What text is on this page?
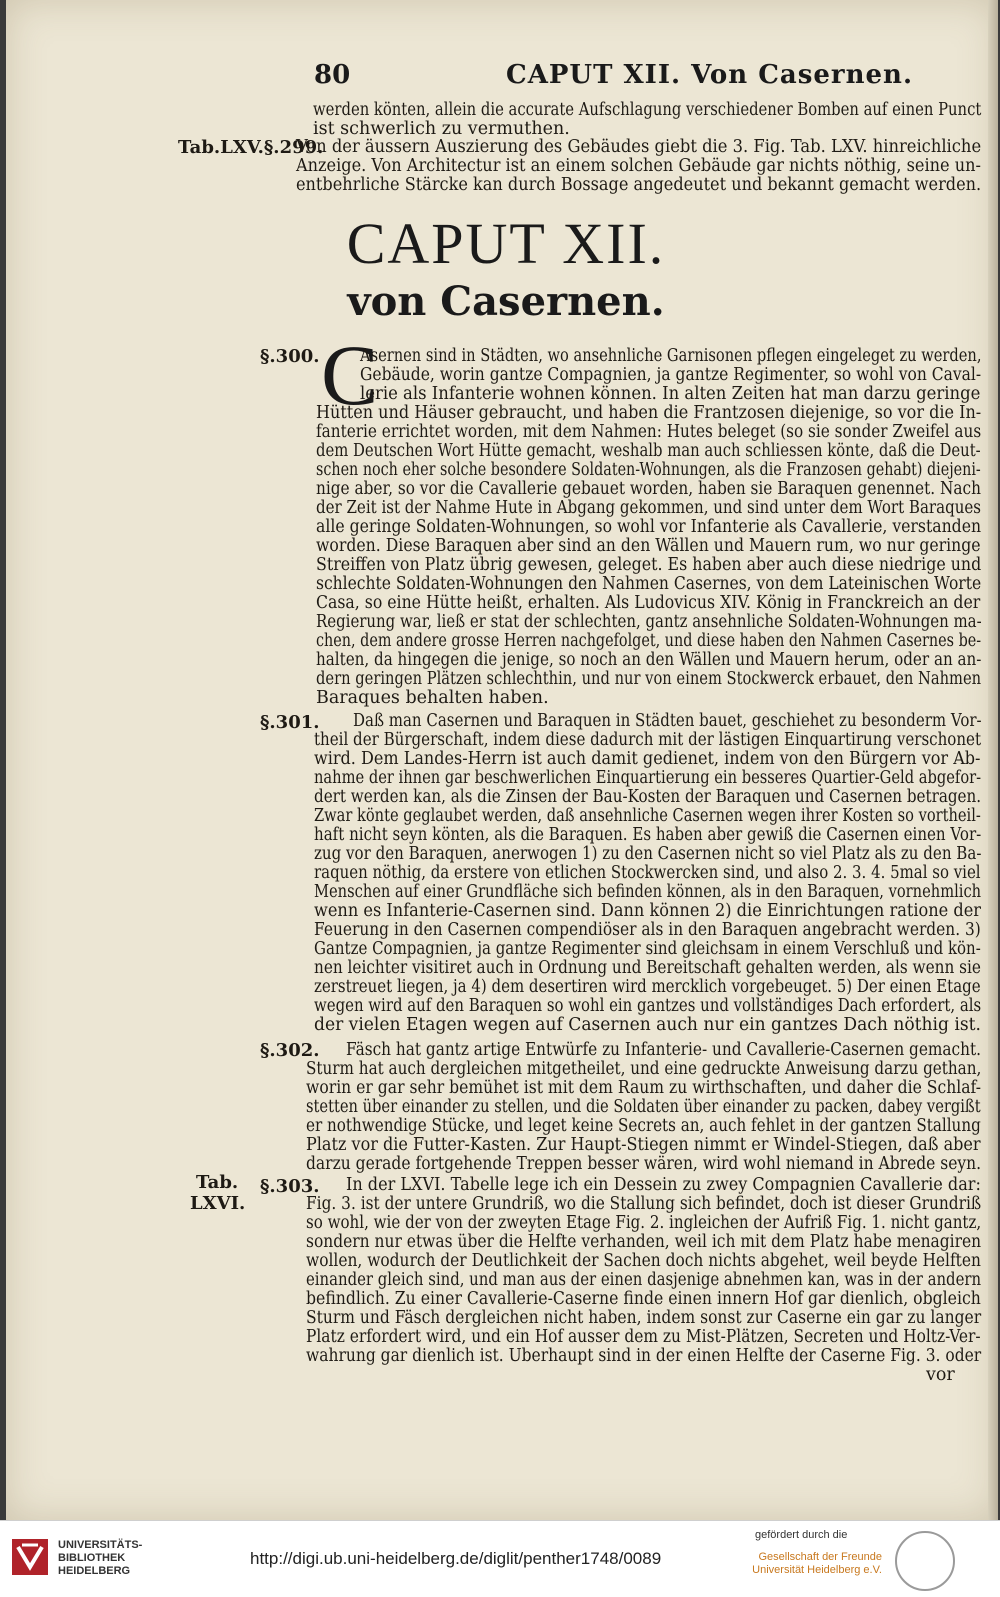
80	CAPUT XII. Von Casernen.
werden könten, allein die accurate Aufschlagung verschiedener Bomben auf einen Punct
ist schwerlich zu vermuthen.
Von der äussern Auszierung des Gebäudes giebt die 3. Fig. Tab. LXV. hinreichliche
Anzeige. Von Architectur ist an einem solchen Gebäude gar nichts nöthig, seine un-
entbehrliche Stärcke kan durch Bossage angedeutet und bekannt gemacht werden.
Tab.LXV.§.299.
CAPUT XII.
von Casernen.
§.300. C
Asernen sind in Städten, wo ansehnliche Garnisonen pflegen eingeleget zu werden,
Gebäude, worin gantze Compagnien, ja gantze Regimenter, so wohl von Caval-
lerie als Infanterie wohnen können. In alten Zeiten hat man darzu geringe
Hütten und Häuser gebraucht, und haben die Frantzosen diejenige, so vor die In-
fanterie errichtet worden, mit dem Nahmen: Hutes beleget (so sie sonder Zweifel aus
dem Deutschen Wort Hütte gemacht, weshalb man auch schliessen könte, daß die Deut-
schen noch eher solche besondere Soldaten-Wohnungen, als die Franzosen gehabt) diejeni-
nige aber, so vor die Cavallerie gebauet worden, haben sie Baraquen genennet. Nach
der Zeit ist der Nahme Hute in Abgang gekommen, und sind unter dem Wort Baraques
alle geringe Soldaten-Wohnungen, so wohl vor Infanterie als Cavallerie, verstanden
worden. Diese Baraquen aber sind an den Wällen und Mauern rum, wo nur geringe
Streiffen von Platz übrig gewesen, geleget. Es haben aber auch diese niedrige und
schlechte Soldaten-Wohnungen den Nahmen Casernes, von dem Lateinischen Worte
Casa, so eine Hütte heißt, erhalten. Als Ludovicus XIV. König in Franckreich an der
Regierung war, ließ er stat der schlechten, gantz ansehnliche Soldaten-Wohnungen ma-
chen, dem andere grosse Herren nachgefolget, und diese haben den Nahmen Casernes be-
halten, da hingegen die jenige, so noch an den Wällen und Mauern herum, oder an an-
dern geringen Plätzen schlechthin, und nur von einem Stockwerck erbauet, den Nahmen
Baraques behalten haben.
§.301. Daß man Casernen und Baraquen in Städten bauet, geschiehet zu besonderm Vor-
theil der Bürgerschaft, indem diese dadurch mit der lästigen Einquartirung verschonet
wird. Dem Landes-Herrn ist auch damit gedienet, indem von den Bürgern vor Ab-
nahme der ihnen gar beschwerlichen Einquartierung ein besseres Quartier-Geld abgefor-
dert werden kan, als die Zinsen der Bau-Kosten der Baraquen und Casernen betragen.
Zwar könte geglaubet werden, daß ansehnliche Casernen wegen ihrer Kosten so vortheil-
haft nicht seyn könten, als die Baraquen. Es haben aber gewiß die Casernen einen Vor-
zug vor den Baraquen, anerwogen 1) zu den Casernen nicht so viel Platz als zu den Ba-
raquen nöthig, da erstere von etlichen Stockwercken sind, und also 2. 3. 4. 5mal so viel
Menschen auf einer Grundfläche sich befinden können, als in den Baraquen, vornehmlich
wenn es Infanterie-Casernen sind. Dann können 2) die Einrichtungen ratione der
Feuerung in den Casernen compendiöser als in den Baraquen angebracht werden. 3)
Gantze Compagnien, ja gantze Regimenter sind gleichsam in einem Verschluß und kön-
nen leichter visitiret auch in Ordnung und Bereitschaft gehalten werden, als wenn sie
zerstreuet liegen, ja 4) dem desertiren wird mercklich vorgebeuget. 5) Der einen Etage
wegen wird auf den Baraquen so wohl ein gantzes und vollständiges Dach erfordert, als
der vielen Etagen wegen auf Casernen auch nur ein gantzes Dach nöthig ist.
§.302. Fäsch hat gantz artige Entwürfe zu Infanterie- und Cavallerie-Casernen gemacht.
Sturm hat auch dergleichen mitgetheilet, und eine gedruckte Anweisung darzu gethan,
worin er gar sehr bemühet ist mit dem Raum zu wirthschaften, und daher die Schlaf-
stetten über einander zu stellen, und die Soldaten über einander zu packen, dabey vergißt
er nothwendige Stücke, und leget keine Secrets an, auch fehlet in der gantzen Stallung
Platz vor die Futter-Kasten. Zur Haupt-Stiegen nimmt er Windel-Stiegen, daß aber
darzu gerade fortgehende Treppen besser wären, wird wohl niemand in Abrede seyn.
Tab.
LXVI.
§.303. In der LXVI. Tabelle lege ich ein Dessein zu zwey Compagnien Cavallerie dar:
Fig. 3. ist der untere Grundriß, wo die Stallung sich befindet, doch ist dieser Grundriß
so wohl, wie der von der zweyten Etage Fig. 2. ingleichen der Aufriß Fig. 1. nicht gantz,
sondern nur etwas über die Helfte verhanden, weil ich mit dem Platz habe menagiren
wollen, wodurch der Deutlichkeit der Sachen doch nichts abgehet, weil beyde Helften
einander gleich sind, und man aus der einen dasjenige abnehmen kan, was in der andern
befindlich. Zu einer Cavallerie-Caserne finde einen innern Hof gar dienlich, obgleich
Sturm und Fäsch dergleichen nicht haben, indem sonst zur Caserne ein gar zu langer
Platz erfordert wird, und ein Hof ausser dem zu Mist-Plätzen, Secreten und Holtz-Ver-
wahrung gar dienlich ist. Uberhaupt sind in der einen Helfte der Caserne Fig. 3. oder
vor
UNIVERSITÄTS-
BIBLIOTHEK
HEIDELBERG
http://digi.ub.uni-heidelberg.de/diglit/penther1748/0089
gefördert durch die
Gesellschaft der Freunde
Universität Heidelberg e.V.
